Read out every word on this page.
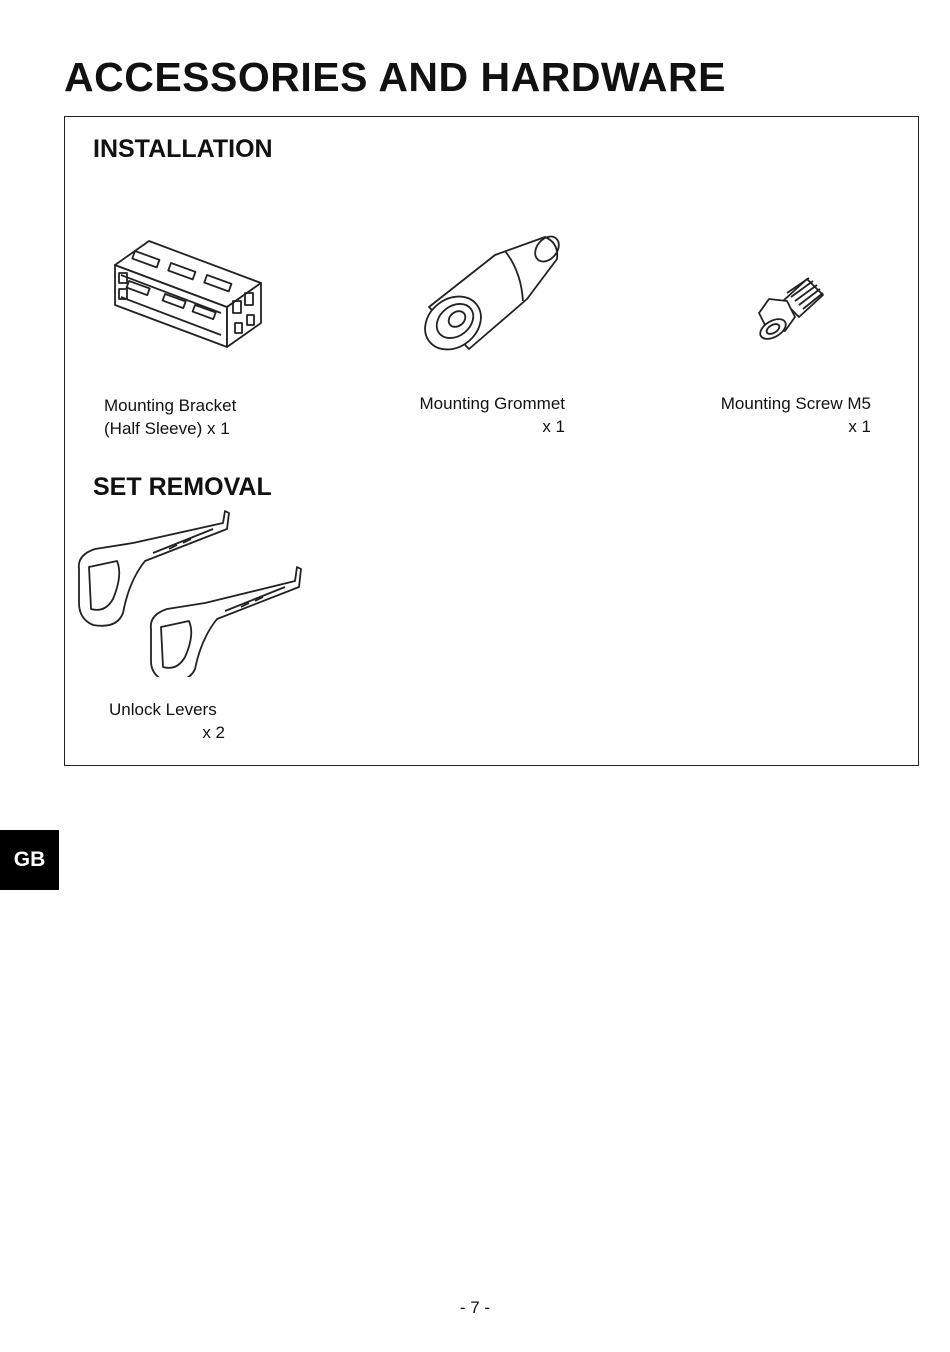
ACCESSORIES AND HARDWARE
INSTALLATION
Mounting Bracket
(Half Sleeve) x 1
Mounting Grommet
x 1
Mounting Screw M5
x 1
SET REMOVAL
Unlock Levers
x 2
GB
- 7 -
